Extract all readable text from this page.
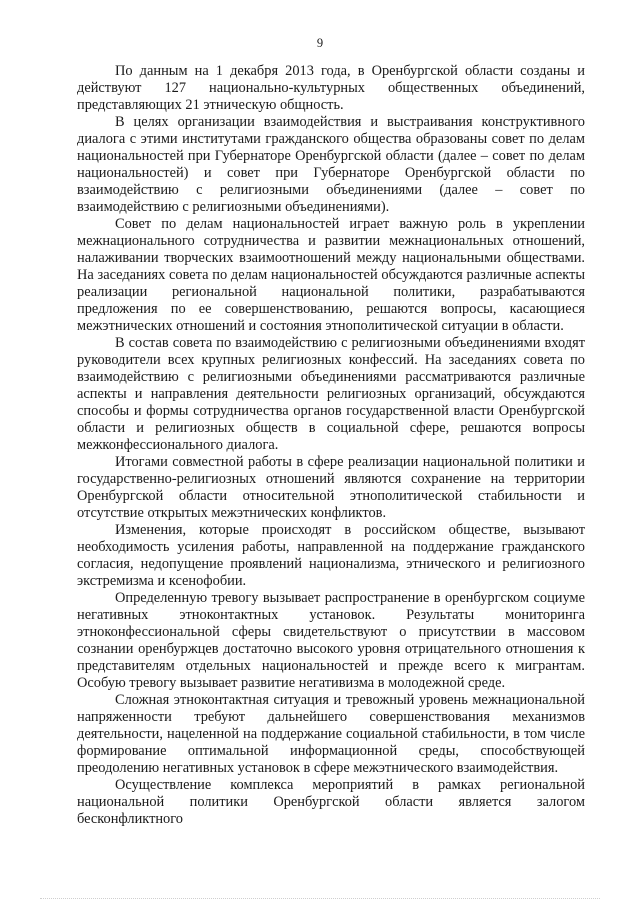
9

По данным на 1 декабря 2013 года, в Оренбургской области созданы и действуют 127 национально-культурных общественных объединений, представляющих 21 этническую общность.

В целях организации взаимодействия и выстраивания конструктивного диалога с этими институтами гражданского общества образованы совет по делам национальностей при Губернаторе Оренбургской области (далее – совет по делам национальностей) и совет при Губернаторе Оренбургской области по взаимодействию с религиозными объединениями (далее – совет по взаимодействию с религиозными объединениями).

Совет по делам национальностей играет важную роль в укреплении межнационального сотрудничества и развитии межнациональных отношений, налаживании творческих взаимоотношений между национальными обществами. На заседаниях совета по делам национальностей обсуждаются различные аспекты реализации региональной национальной политики, разрабатываются предложения по ее совершенствованию, решаются вопросы, касающиеся межэтнических отношений и состояния этнополитической ситуации в области.

В состав совета по взаимодействию с религиозными объединениями входят руководители всех крупных религиозных конфессий. На заседаниях совета по взаимодействию с религиозными объединениями рассматриваются различные аспекты и направления деятельности религиозных организаций, обсуждаются способы и формы сотрудничества органов государственной власти Оренбургской области и религиозных обществ в социальной сфере, решаются вопросы межконфессионального диалога.

Итогами совместной работы в сфере реализации национальной политики и государственно-религиозных отношений являются сохранение на территории Оренбургской области относительной этнополитической стабильности и отсутствие открытых межэтнических конфликтов.

Изменения, которые происходят в российском обществе, вызывают необходимость усиления работы, направленной на поддержание гражданского согласия, недопущение проявлений национализма, этнического и религиозного экстремизма и ксенофобии.

Определенную тревогу вызывает распространение в оренбургском социуме негативных этноконтактных установок. Результаты мониторинга этноконфессиональной сферы свидетельствуют о присутствии в массовом сознании оренбуржцев достаточно высокого уровня отрицательного отношения к представителям отдельных национальностей и прежде всего к мигрантам. Особую тревогу вызывает развитие негативизма в молодежной среде.

Сложная этноконтактная ситуация и тревожный уровень межнациональной напряженности требуют дальнейшего совершенствования механизмов деятельности, нацеленной на поддержание социальной стабильности, в том числе формирование оптимальной информационной среды, способствующей преодолению негативных установок в сфере межэтнического взаимодействия.

Осуществление комплекса мероприятий в рамках региональной национальной политики Оренбургской области является залогом бесконфликтного
